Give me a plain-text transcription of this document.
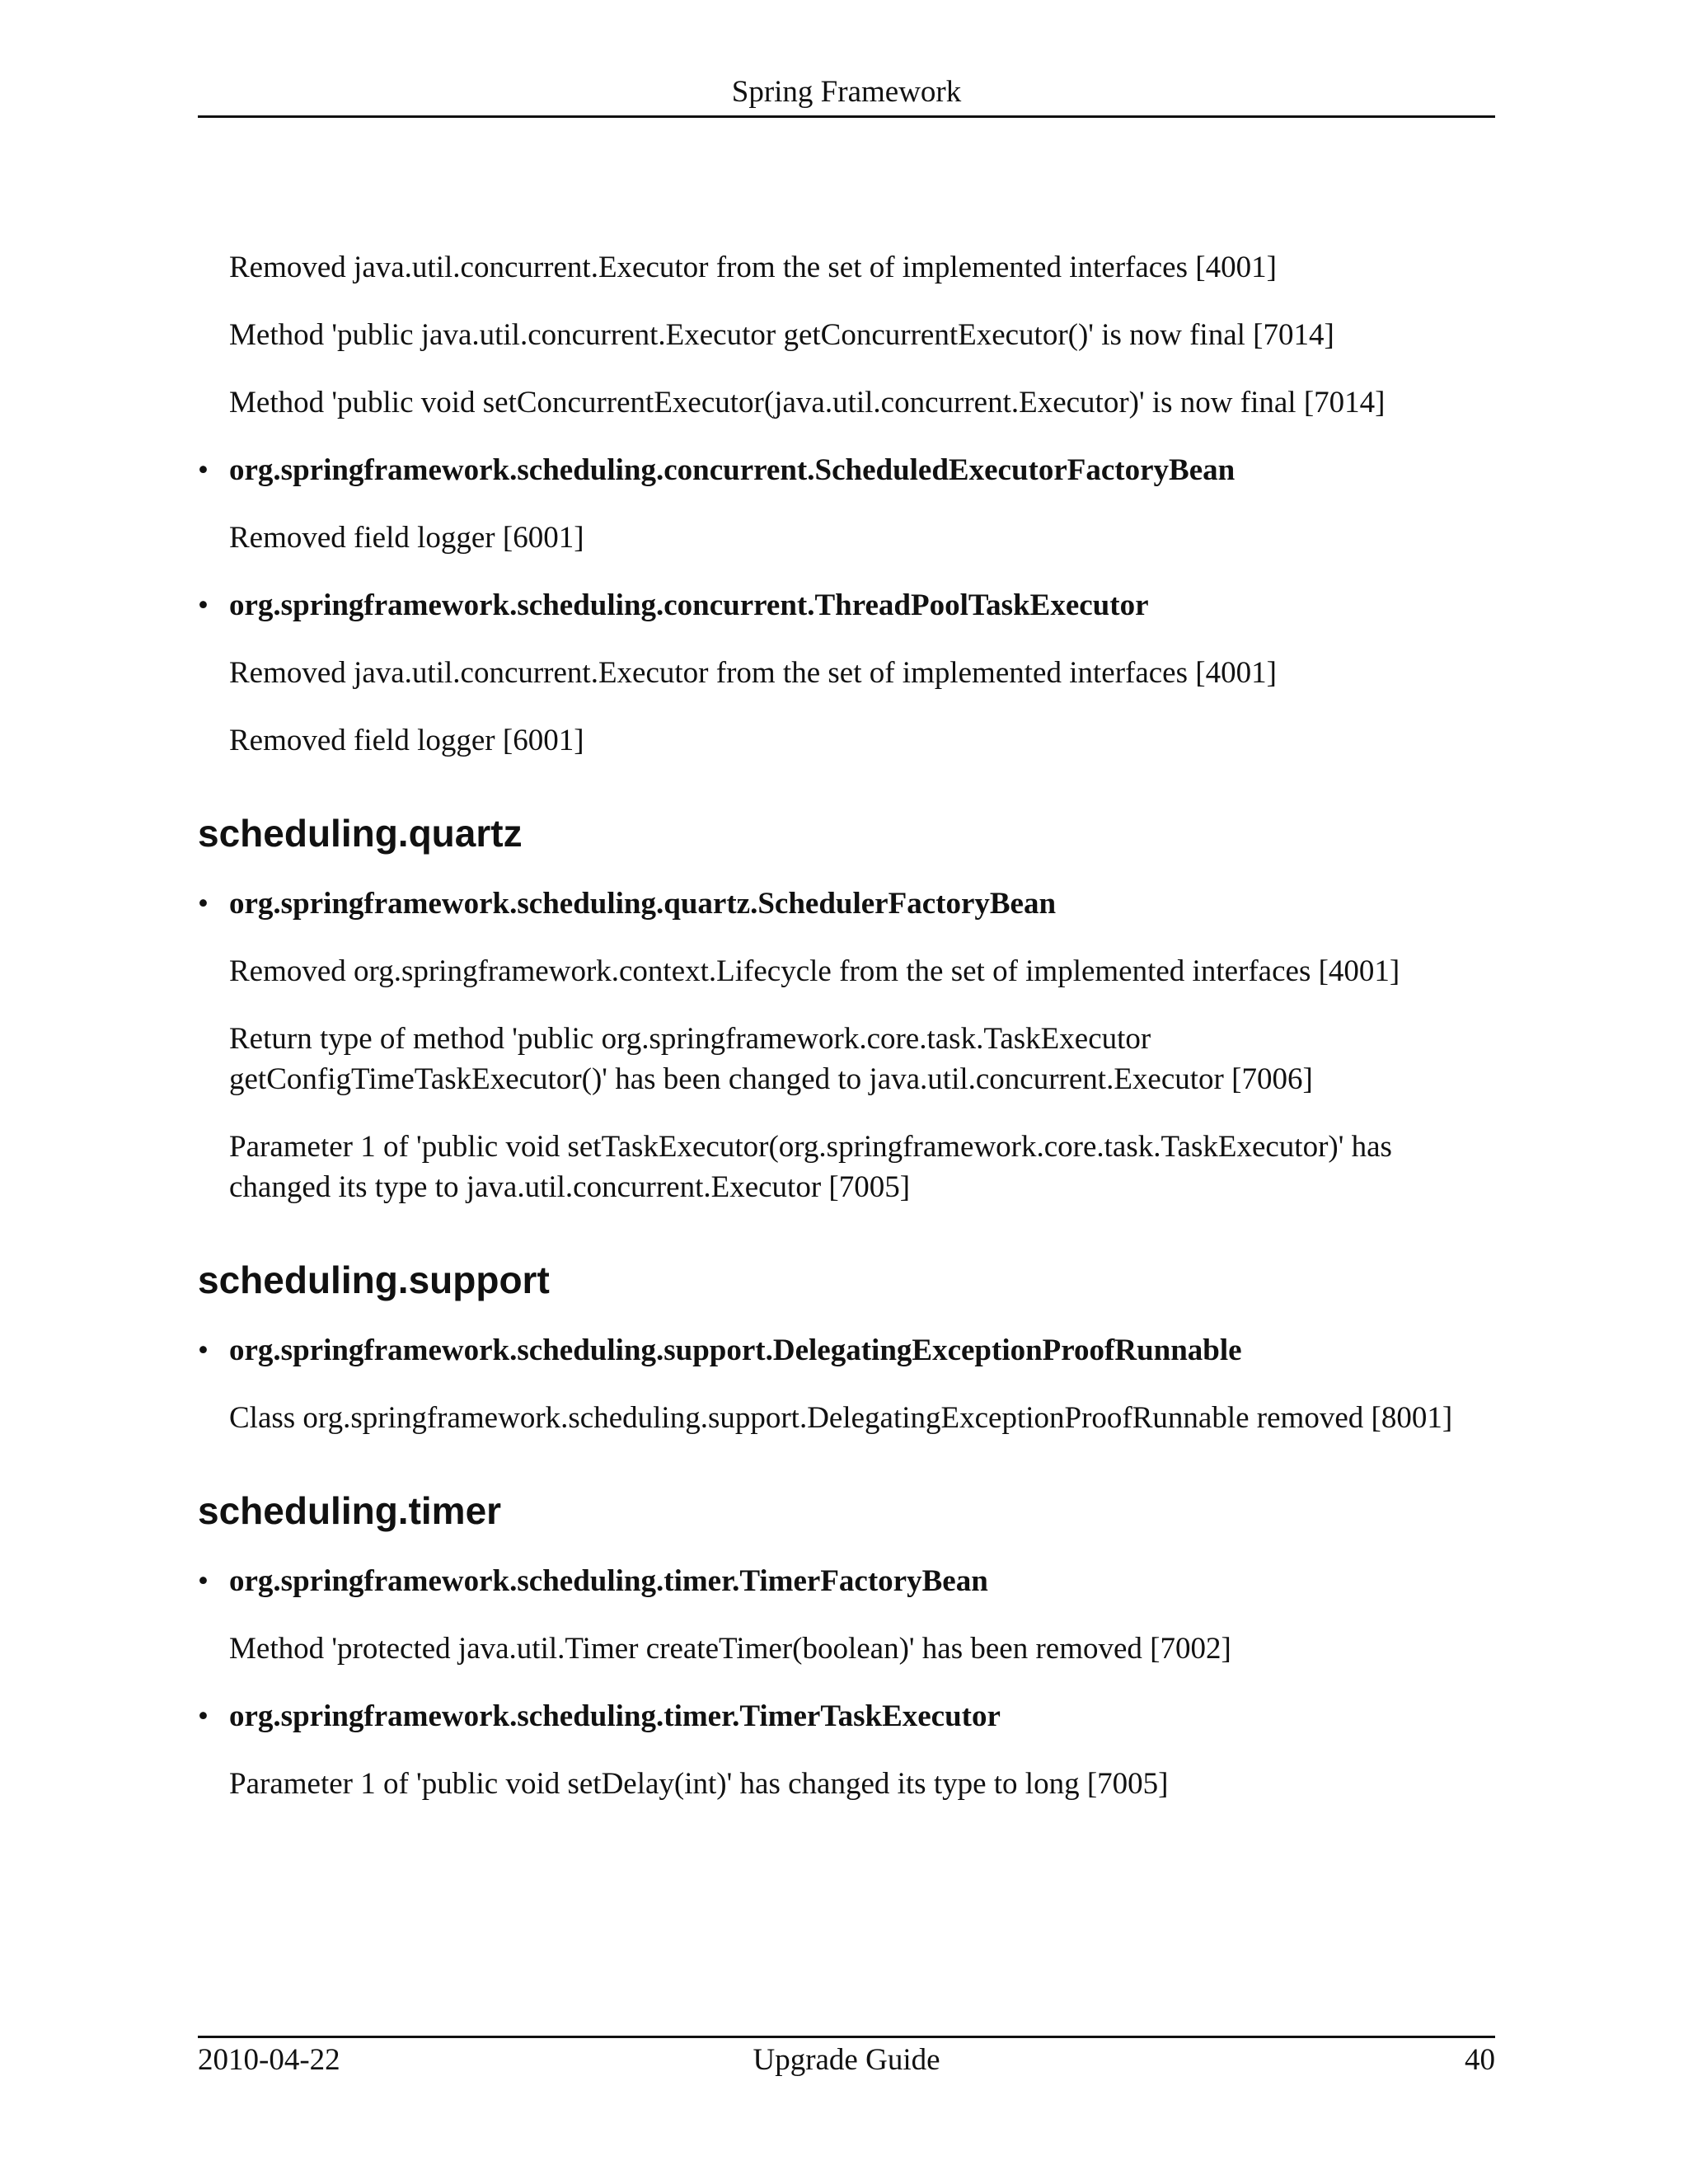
Spring Framework

Removed java.util.concurrent.Executor from the set of implemented interfaces [4001]

Method 'public java.util.concurrent.Executor getConcurrentExecutor()' is now final [7014]

Method 'public void setConcurrentExecutor(java.util.concurrent.Executor)' is now final [7014]

• org.springframework.scheduling.concurrent.ScheduledExecutorFactoryBean

Removed field logger [6001]

• org.springframework.scheduling.concurrent.ThreadPoolTaskExecutor

Removed java.util.concurrent.Executor from the set of implemented interfaces [4001]

Removed field logger [6001]

scheduling.quartz
• org.springframework.scheduling.quartz.SchedulerFactoryBean

Removed org.springframework.context.Lifecycle from the set of implemented interfaces [4001]

Return type of method 'public org.springframework.core.task.TaskExecutor getConfigTimeTaskExecutor()' has been changed to java.util.concurrent.Executor [7006]

Parameter 1 of 'public void setTaskExecutor(org.springframework.core.task.TaskExecutor)' has changed its type to java.util.concurrent.Executor [7005]

scheduling.support
• org.springframework.scheduling.support.DelegatingExceptionProofRunnable

Class org.springframework.scheduling.support.DelegatingExceptionProofRunnable removed [8001]

scheduling.timer
• org.springframework.scheduling.timer.TimerFactoryBean

Method 'protected java.util.Timer createTimer(boolean)' has been removed [7002]

• org.springframework.scheduling.timer.TimerTaskExecutor

Parameter 1 of 'public void setDelay(int)' has changed its type to long [7005]

2010-04-22	Upgrade Guide	40
